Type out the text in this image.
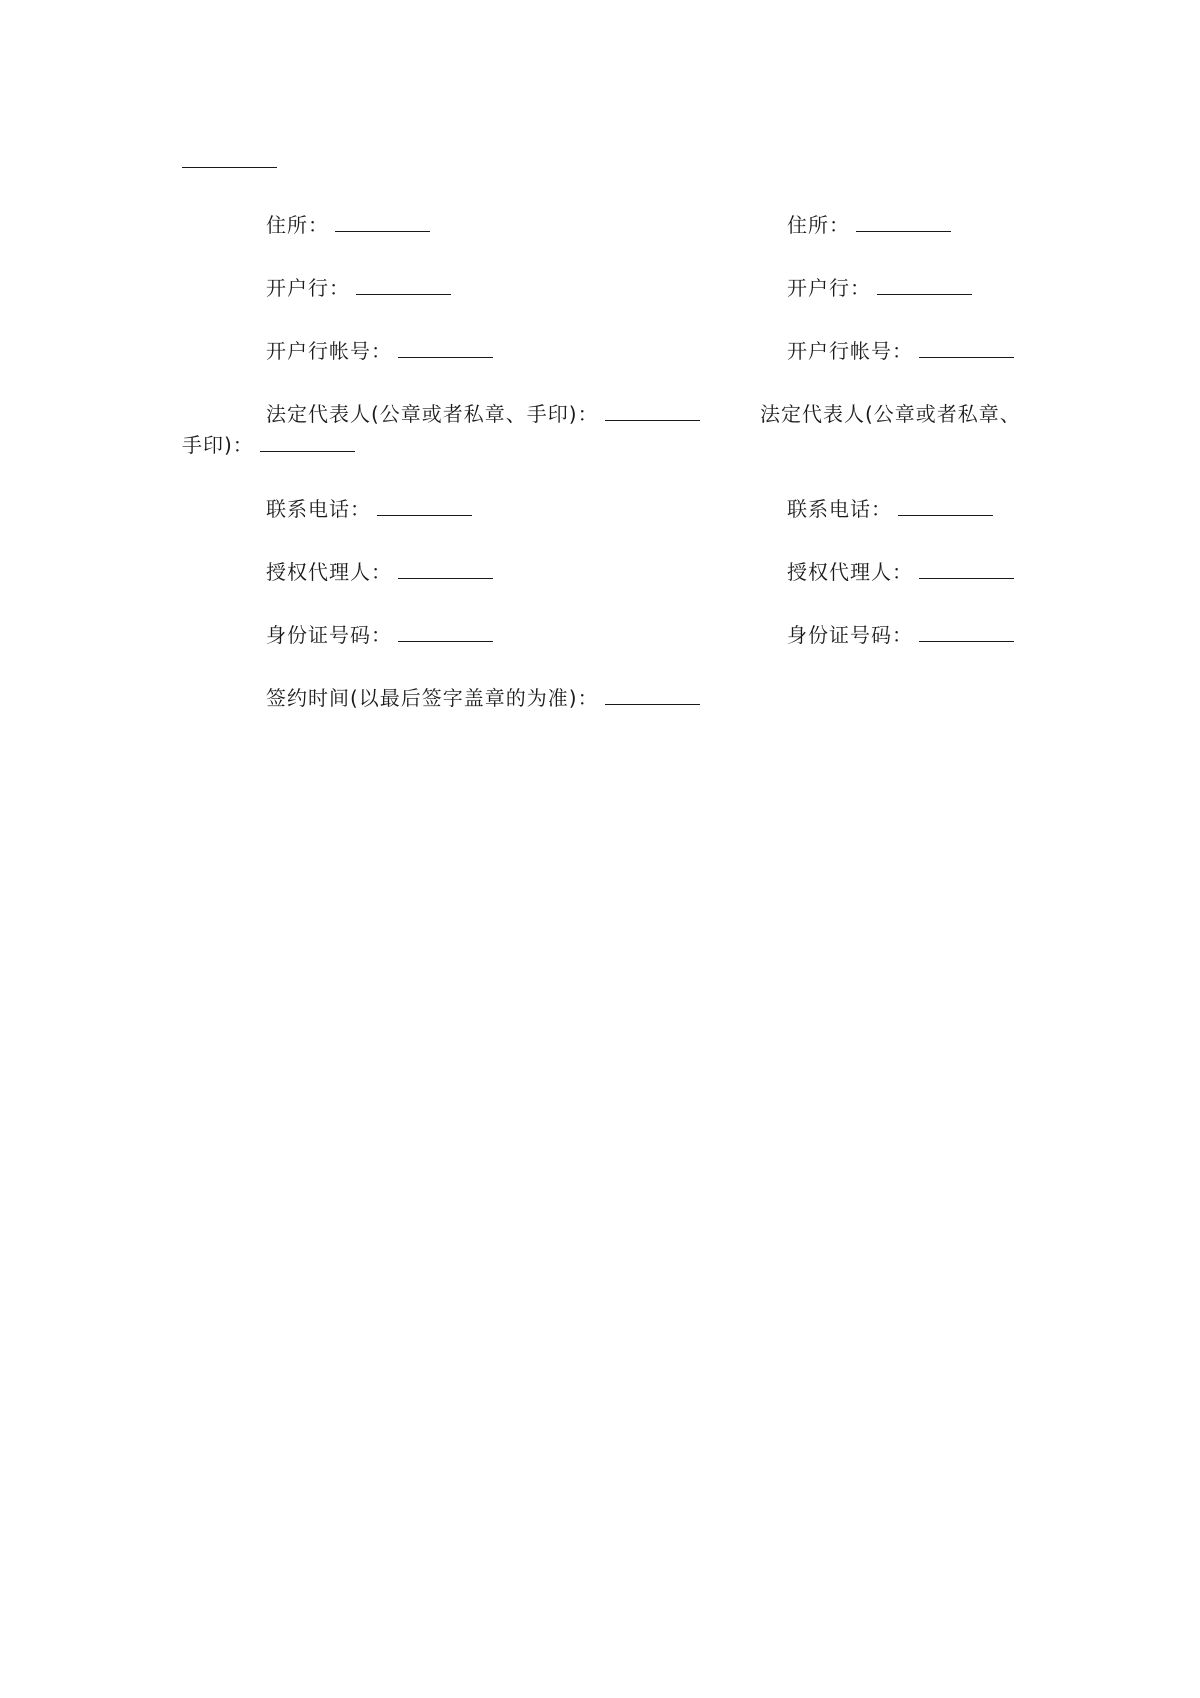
住所：	住所：
开户行：	开户行：
开户行帐号：	开户行帐号：
法定代表人(公章或者私章、手印)：	法定代表人(公章或者私章、
手印)：
联系电话：	联系电话：
授权代理人：	授权代理人：
身份证号码：	身份证号码：
签约时间(以最后签字盖章的为准)：
